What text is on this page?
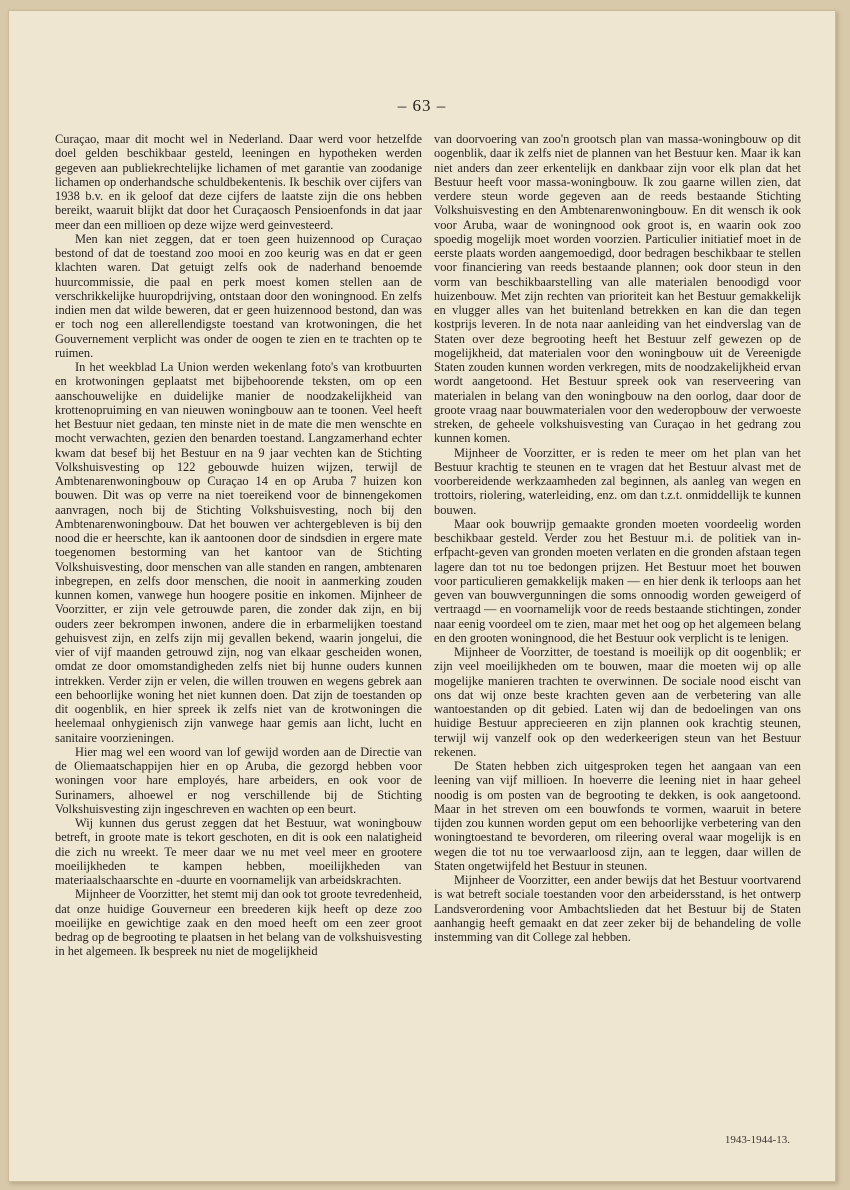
– 63 –

Curaçao, maar dit mocht wel in Nederland. Daar werd voor hetzelfde doel gelden beschikbaar gesteld, leeningen en hypotheken werden gegeven aan publiekrechtelijke lichamen of met garantie van zoodanige lichamen op onderhandsche schuldbekentenis. Ik beschik over cijfers van 1938 b.v. en ik geloof dat deze cijfers de laatste zijn die ons hebben bereikt, waaruit blijkt dat door het Curaçaosch Pensioenfonds in dat jaar meer dan een millioen op deze wijze werd geinvesteerd.

Men kan niet zeggen, dat er toen geen huizennood op Curaçao bestond of dat de toestand zoo mooi en zoo keurig was en dat er geen klachten waren. Dat getuigt zelfs ook de naderhand benoemde huurcommissie, die paal en perk moest komen stellen aan de verschrikkelijke huuropdrijving, ontstaan door den woningnood. En zelfs indien men dat wilde beweren, dat er geen huizennood bestond, dan was er toch nog een allerellendigste toestand van krotwoningen, die het Gouvernement verplicht was onder de oogen te zien en te trachten op te ruimen.

In het weekblad La Union werden wekenlang foto's van krotbuurten en krotwoningen geplaatst met bijbehoorende teksten, om op een aanschouwelijke en duidelijke manier de noodzakelijkheid van krottenopruiming en van nieuwen woningbouw aan te toonen. Veel heeft het Bestuur niet gedaan, ten minste niet in de mate die men wenschte en mocht verwachten, gezien den benarden toestand. Langzamerhand echter kwam dat besef bij het Bestuur en na 9 jaar vechten kan de Stichting Volkshuisvesting op 122 gebouwde huizen wijzen, terwijl de Ambtenarenwoningbouw op Curaçao 14 en op Aruba 7 huizen kon bouwen. Dit was op verre na niet toereikend voor de binnengekomen aanvragen, noch bij de Stichting Volkshuisvesting, noch bij den Ambtenarenwoningbouw. Dat het bouwen ver achtergebleven is bij den nood die er heerschte, kan ik aantoonen door de sindsdien in ergere mate toegenomen bestorming van het kantoor van de Stichting Volkshuisvesting, door menschen van alle standen en rangen, ambtenaren inbegrepen, en zelfs door menschen, die nooit in aanmerking zouden kunnen komen, vanwege hun hoogere positie en inkomen. Mijnheer de Voorzitter, er zijn vele getrouwde paren, die zonder dak zijn, en bij ouders zeer bekrompen inwonen, andere die in erbarmelijken toestand gehuisvest zijn, en zelfs zijn mij gevallen bekend, waarin jongelui, die vier of vijf maanden getrouwd zijn, nog van elkaar gescheiden wonen, omdat ze door omomstandigheden zelfs niet bij hunne ouders kunnen intrekken. Verder zijn er velen, die willen trouwen en wegens gebrek aan een behoorlijke woning het niet kunnen doen. Dat zijn de toestanden op dit oogenblik, en hier spreek ik zelfs niet van de krotwoningen die heelemaal onhygienisch zijn vanwege haar gemis aan licht, lucht en sanitaire voorzieningen.

Hier mag wel een woord van lof gewijd worden aan de Directie van de Oliemaatschappijen hier en op Aruba, die gezorgd hebben voor woningen voor hare employés, hare arbeiders, en ook voor de Surinamers, alhoewel er nog verschillende bij de Stichting Volkshuisvesting zijn ingeschreven en wachten op een beurt.

Wij kunnen dus gerust zeggen dat het Bestuur, wat woningbouw betreft, in groote mate is tekort geschoten, en dit is ook een nalatigheid die zich nu wreekt. Te meer daar we nu met veel meer en grootere moeilijkheden te kampen hebben, moeilijkheden van materiaalschaarschte en -duurte en voornamelijk van arbeidskrachten.

Mijnheer de Voorzitter, het stemt mij dan ook tot groote tevredenheid, dat onze huidige Gouverneur een breederen kijk heeft op deze zoo moeilijke en gewichtige zaak en den moed heeft om een zeer groot bedrag op de begrooting te plaatsen in het belang van de volkshuisvesting in het algemeen. Ik bespreek nu niet de mogelijkheid

van doorvoering van zoo'n grootsch plan van massa-woningbouw op dit oogenblik, daar ik zelfs niet de plannen van het Bestuur ken. Maar ik kan niet anders dan zeer erkentelijk en dankbaar zijn voor elk plan dat het Bestuur heeft voor massa-woningbouw. Ik zou gaarne willen zien, dat verdere steun worde gegeven aan de reeds bestaande Stichting Volkshuisvesting en den Ambtenarenwoningbouw. En dit wensch ik ook voor Aruba, waar de woningnood ook groot is, en waarin ook zoo spoedig mogelijk moet worden voorzien. Particulier initiatief moet in de eerste plaats worden aangemoedigd, door bedragen beschikbaar te stellen voor financiering van reeds bestaande plannen; ook door steun in den vorm van beschikbaarstelling van alle materialen benoodigd voor huizenbouw. Met zijn rechten van prioriteit kan het Bestuur gemakkelijk en vlugger alles van het buitenland betrekken en kan die dan tegen kostprijs leveren. In de nota naar aanleiding van het eindverslag van de Staten over deze begrooting heeft het Bestuur zelf gewezen op de mogelijkheid, dat materialen voor den woningbouw uit de Vereenigde Staten zouden kunnen worden verkregen, mits de noodzakelijkheid ervan wordt aangetoond. Het Bestuur spreek ook van reserveering van materialen in belang van den woningbouw na den oorlog, daar door de groote vraag naar bouwmaterialen voor den wederopbouw der verwoeste streken, de geheele volkshuisvesting van Curaçao in het gedrang zou kunnen komen.

Mijnheer de Voorzitter, er is reden te meer om het plan van het Bestuur krachtig te steunen en te vragen dat het Bestuur alvast met de voorbereidende werkzaamheden zal beginnen, als aanleg van wegen en trottoirs, riolering, waterleiding, enz. om dan t.z.t. onmiddellijk te kunnen bouwen.

Maar ook bouwrijp gemaakte gronden moeten voordeelig worden beschikbaar gesteld. Verder zou het Bestuur m.i. de politiek van in-erfpacht-geven van gronden moeten verlaten en die gronden afstaan tegen lagere dan tot nu toe bedongen prijzen. Het Bestuur moet het bouwen voor particulieren gemakkelijk maken — en hier denk ik terloops aan het geven van bouwvergunningen die soms onnoodig worden geweigerd of vertraagd — en voornamelijk voor de reeds bestaande stichtingen, zonder naar eenig voordeel om te zien, maar met het oog op het algemeen belang en den grooten woningnood, die het Bestuur ook verplicht is te lenigen.

Mijnheer de Voorzitter, de toestand is moeilijk op dit oogenblik; er zijn veel moeilijkheden om te bouwen, maar die moeten wij op alle mogelijke manieren trachten te overwinnen. De sociale nood eischt van ons dat wij onze beste krachten geven aan de verbetering van alle wantoestanden op dit gebied. Laten wij dan de bedoelingen van ons huidige Bestuur apprecieeren en zijn plannen ook krachtig steunen, terwijl wij vanzelf ook op den wederkeerigen steun van het Bestuur rekenen.

De Staten hebben zich uitgesproken tegen het aangaan van een leening van vijf millioen. In hoeverre die leening niet in haar geheel noodig is om posten van de begrooting te dekken, is ook aangetoond. Maar in het streven om een bouwfonds te vormen, waaruit in betere tijden zou kunnen worden geput om een behoorlijke verbetering van den woningtoestand te bevorderen, om rileering overal waar mogelijk is en wegen die tot nu toe verwaarloosd zijn, aan te leggen, daar willen de Staten ongetwijfeld het Bestuur in steunen.

Mijnheer de Voorzitter, een ander bewijs dat het Bestuur voortvarend is wat betreft sociale toestanden voor den arbeidersstand, is het ontwerp Landsverordening voor Ambachtslieden dat het Bestuur bij de Staten aanhangig heeft gemaakt en dat zeer zeker bij de behandeling de volle instemming van dit College zal hebben.

1943-1944-13.
